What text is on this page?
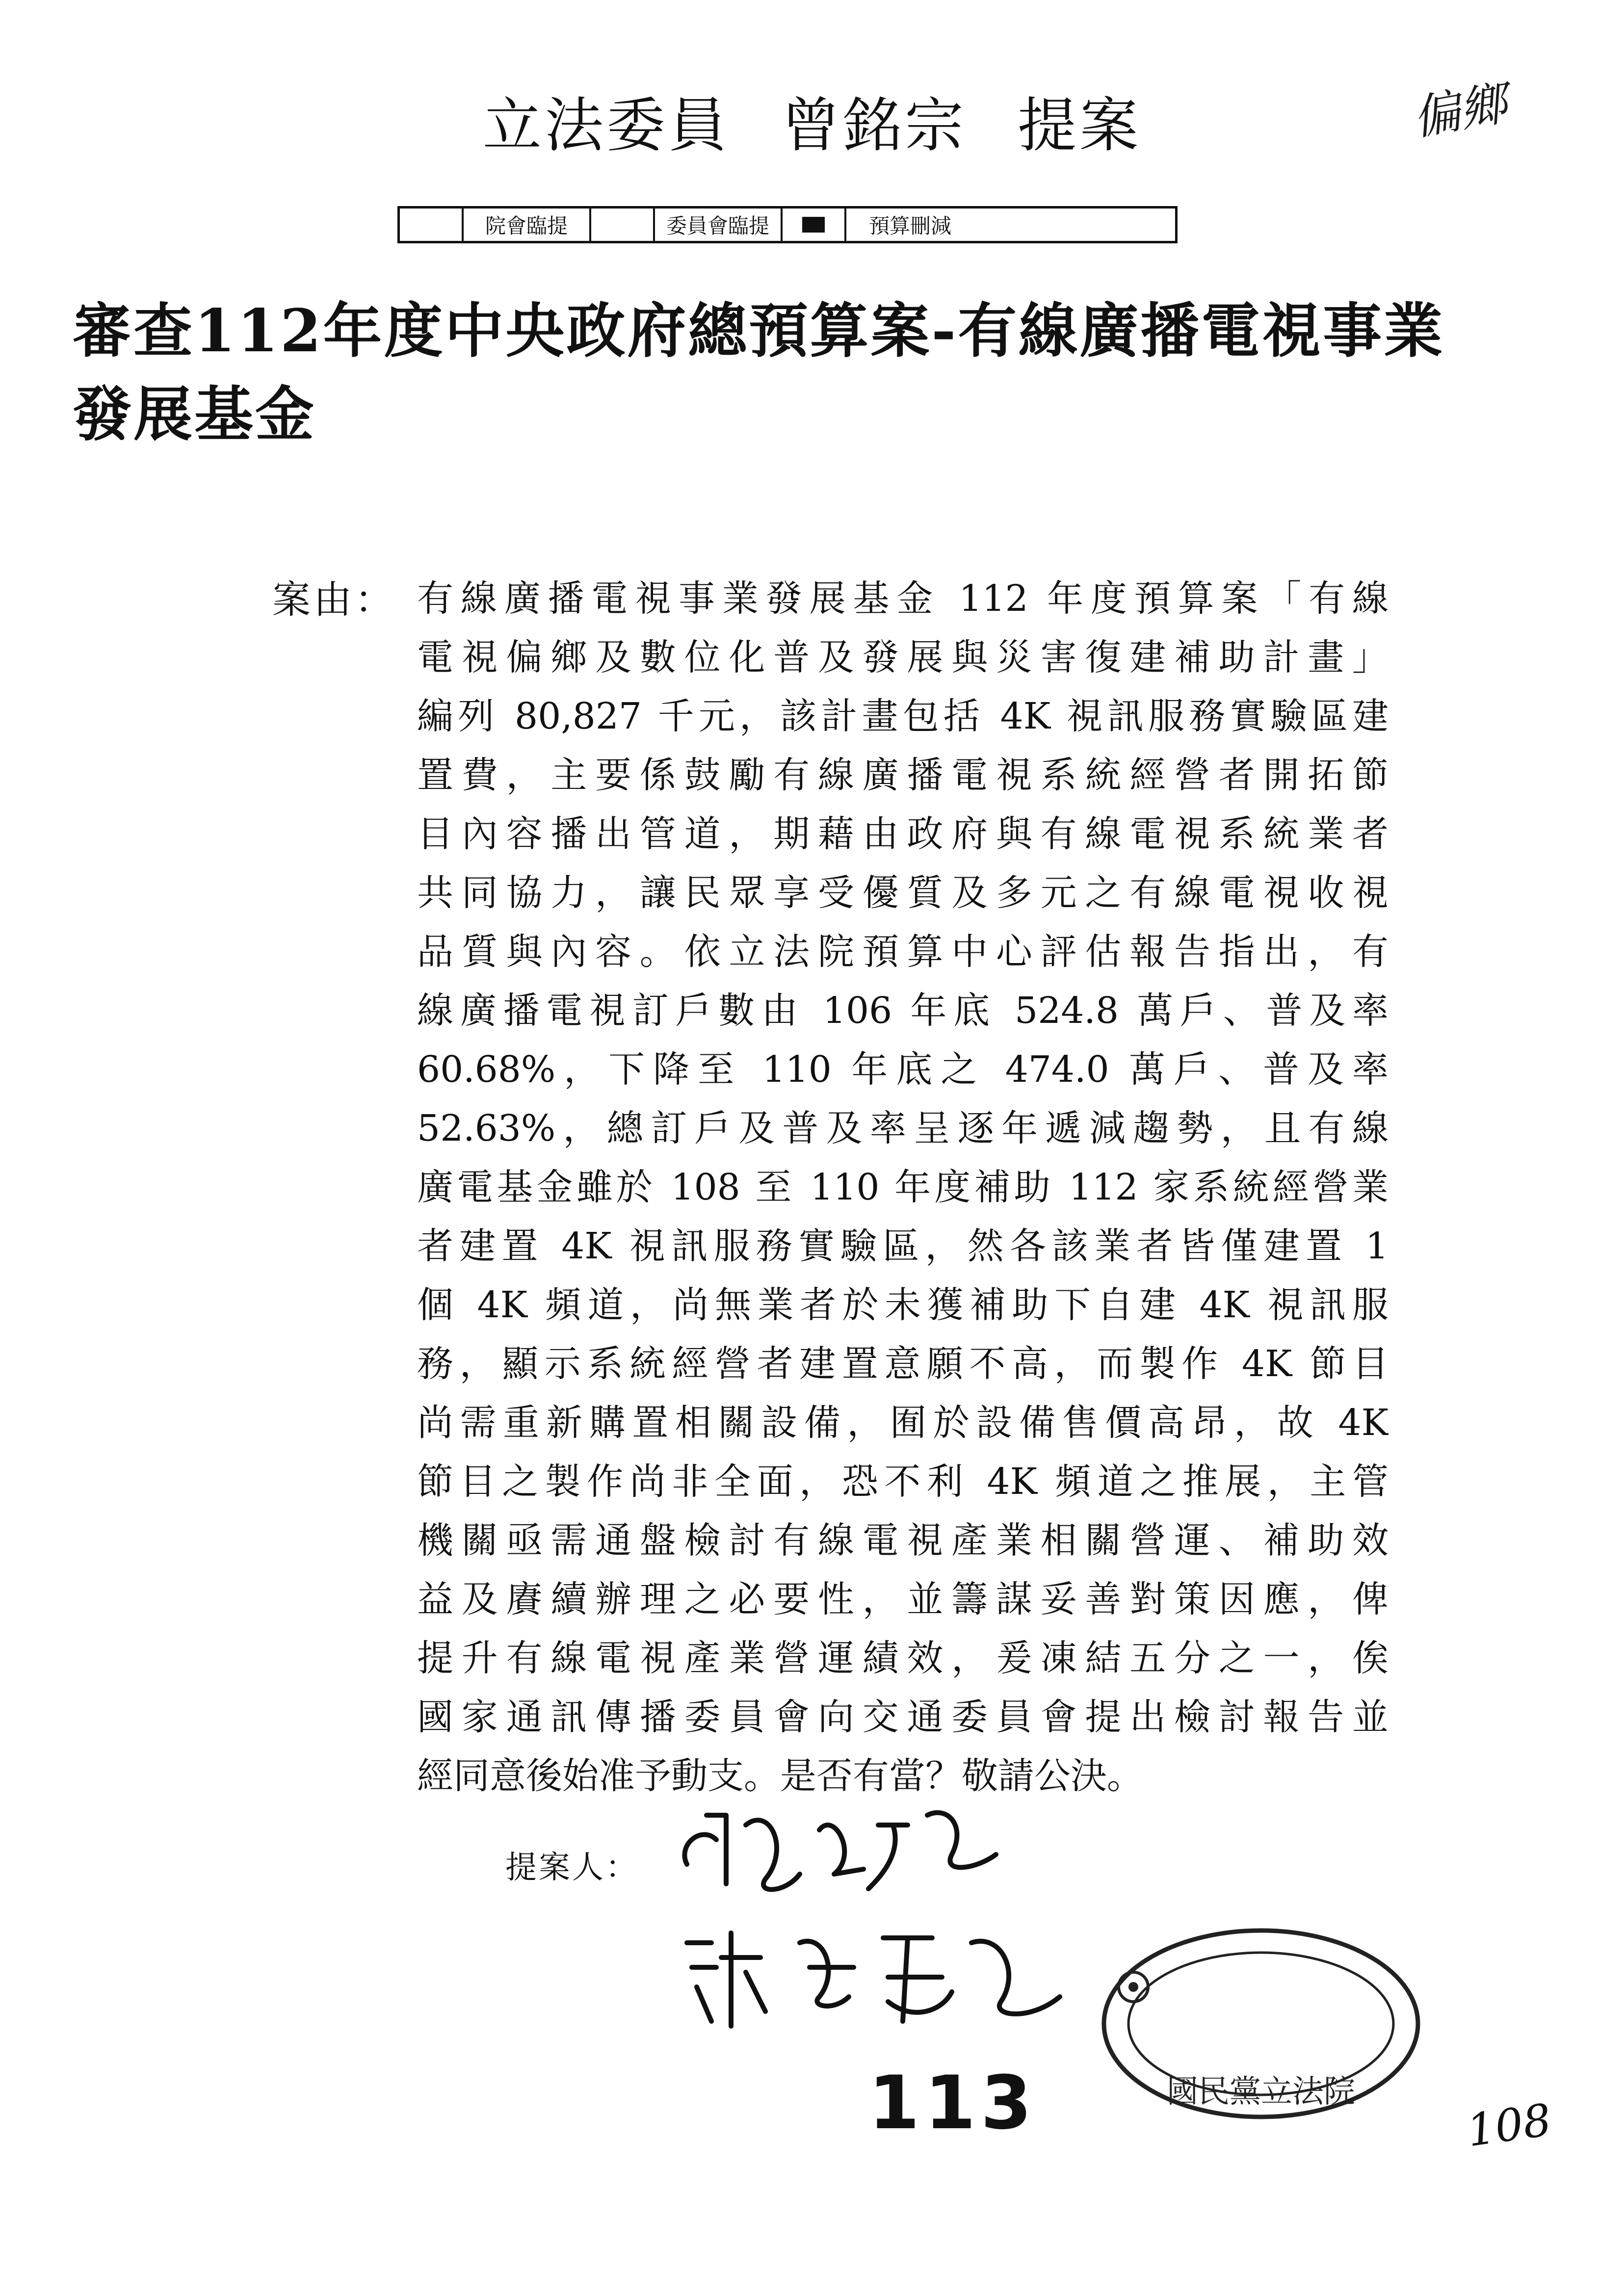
偏鄉
立法委員 曾銘宗 提案
院會臨提	委員會臨提	預算刪減
審查112年度中央政府總預算案-有線廣播電視事業
發展基金
案由： 有線廣播電視事業發展基金 112 年度預算案「有線
電視偏鄉及數位化普及發展與災害復建補助計畫」
編列 80,827 千元，該計畫包括 4K 視訊服務實驗區建
置費，主要係鼓勵有線廣播電視系統經營者開拓節
目內容播出管道，期藉由政府與有線電視系統業者
共同協力，讓民眾享受優質及多元之有線電視收視
品質與內容。依立法院預算中心評估報告指出，有
線廣播電視訂戶數由 106 年底 524.8 萬戶、普及率
60.68%，下降至 110 年底之 474.0 萬戶、普及率
52.63%，總訂戶及普及率呈逐年遞減趨勢，且有線
廣電基金雖於 108 至 110 年度補助 112 家系統經營業
者建置 4K 視訊服務實驗區，然各該業者皆僅建置 1
個 4K 頻道，尚無業者於未獲補助下自建 4K 視訊服
務，顯示系統經營者建置意願不高，而製作 4K 節目
尚需重新購置相關設備，囿於設備售價高昂，故 4K
節目之製作尚非全面，恐不利 4K 頻道之推展，主管
機關亟需通盤檢討有線電視產業相關營運、補助效
益及賡續辦理之必要性，並籌謀妥善對策因應，俾
提升有線電視產業營運績效，爰凍結五分之一，俟
國家通訊傳播委員會向交通委員會提出檢討報告並
經同意後始准予動支。是否有當？敬請公決。
提案人：
國民黨立法院
113	108
